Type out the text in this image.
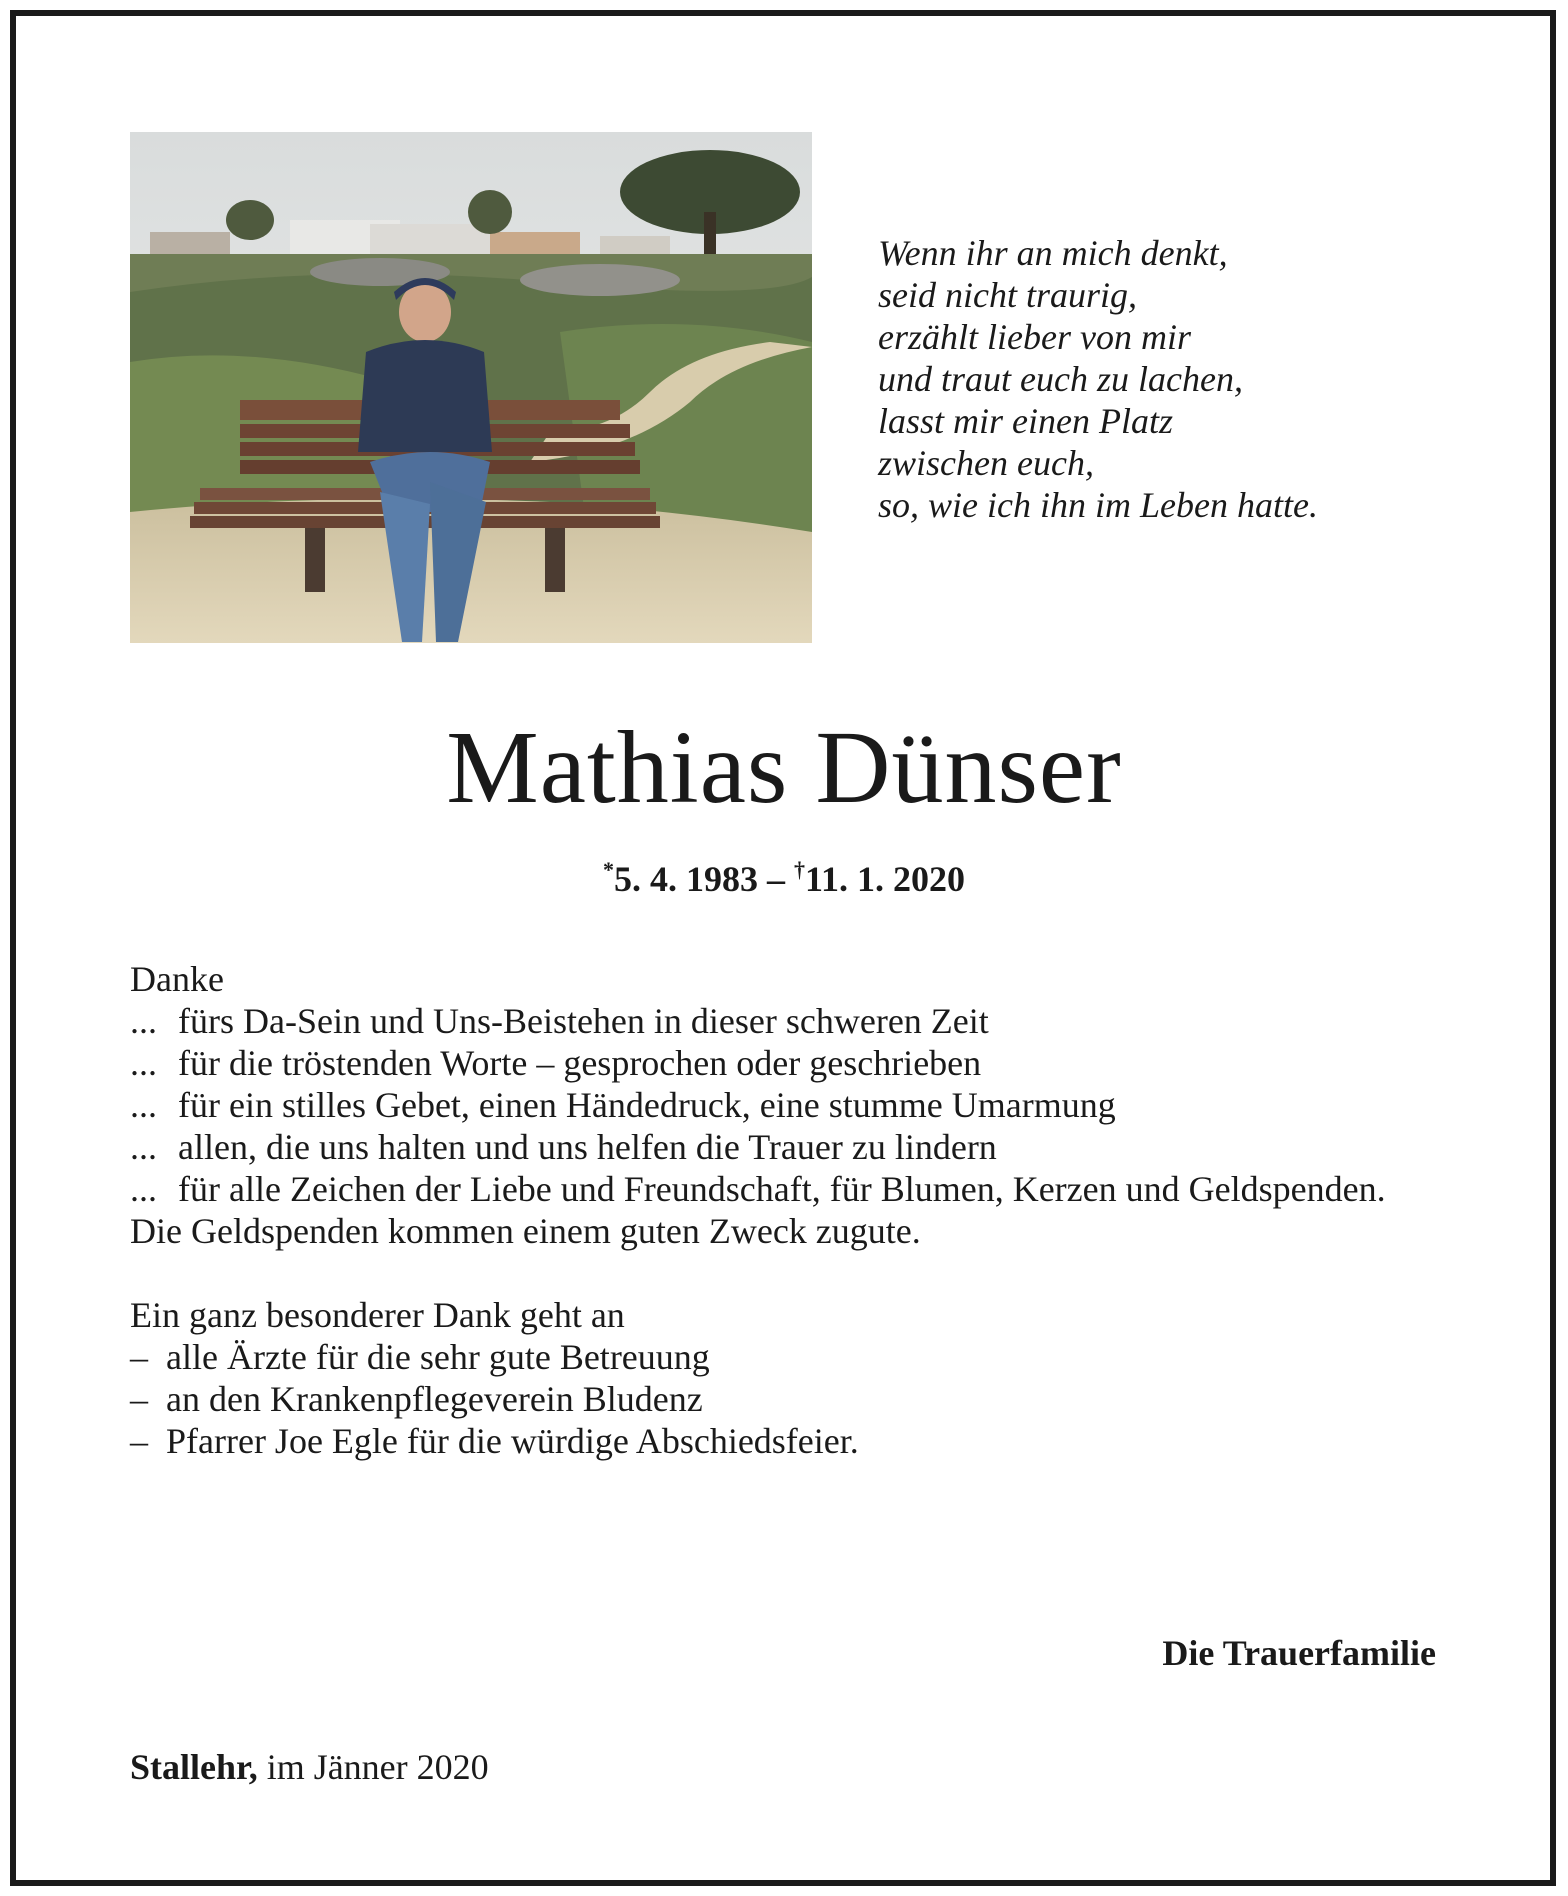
Wenn ihr an mich denkt,
seid nicht traurig,
erzählt lieber von mir
und traut euch zu lachen,
lasst mir einen Platz
zwischen euch,
so, wie ich ihn im Leben hatte.
Mathias Dünser
*5. 4. 1983 – †11. 1. 2020
Danke
... fürs Da-Sein und Uns-Beistehen in dieser schweren Zeit
... für die tröstenden Worte – gesprochen oder geschrieben
... für ein stilles Gebet, einen Händedruck, eine stumme Umarmung
... allen, die uns halten und uns helfen die Trauer zu lindern
... für alle Zeichen der Liebe und Freundschaft, für Blumen, Kerzen und Geldspenden.
Die Geldspenden kommen einem guten Zweck zugute.
Ein ganz besonderer Dank geht an
– alle Ärzte für die sehr gute Betreuung
– an den Krankenpflegeverein Bludenz
– Pfarrer Joe Egle für die würdige Abschiedsfeier.
Die Trauerfamilie
Stallehr, im Jänner 2020
